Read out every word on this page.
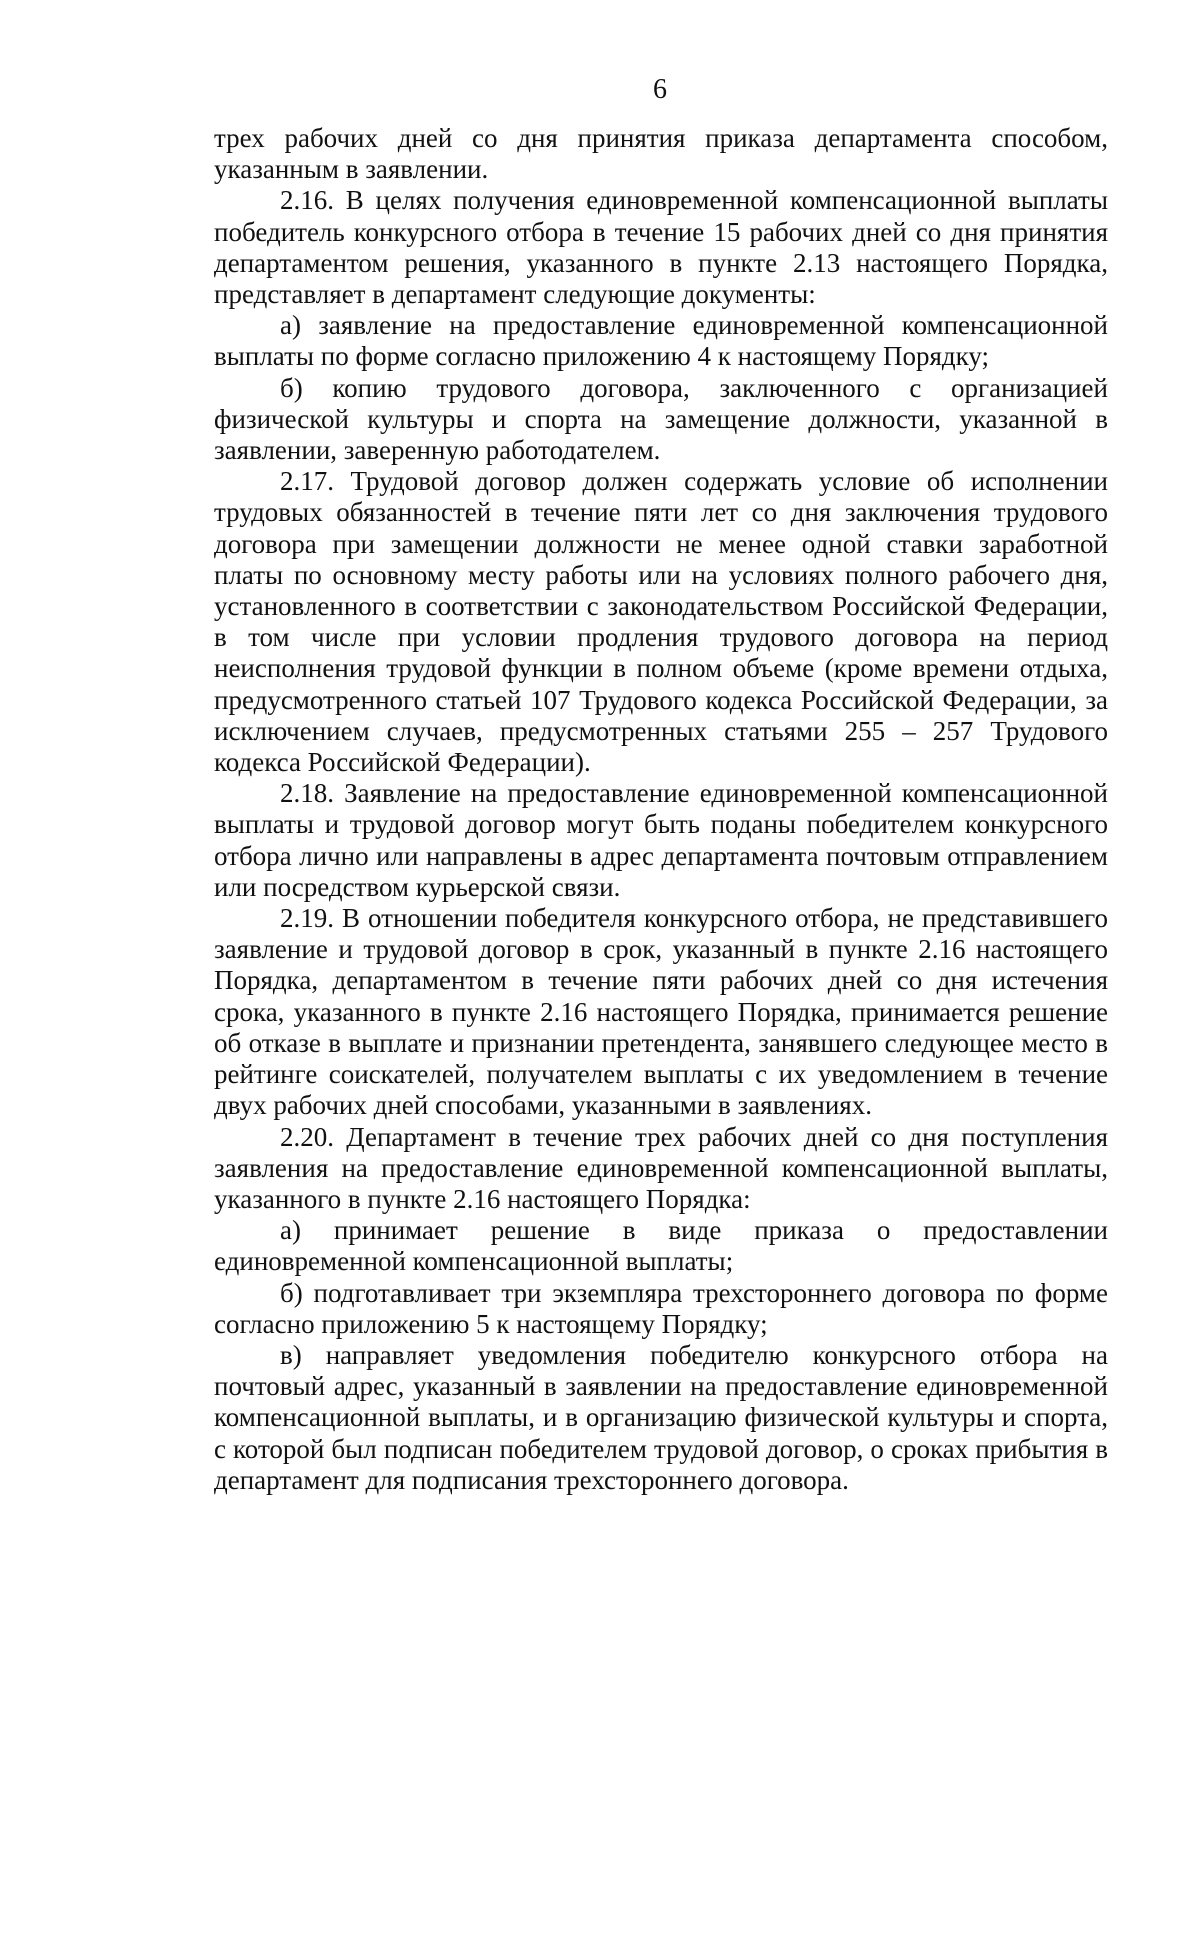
6

трех рабочих дней со дня принятия приказа департамента способом, указанным в заявлении.

2.16. В целях получения единовременной компенсационной выплаты победитель конкурсного отбора в течение 15 рабочих дней со дня принятия департаментом решения, указанного в пункте 2.13 настоящего Порядка, представляет в департамент следующие документы:

а) заявление на предоставление единовременной компенсационной выплаты по форме согласно приложению 4 к настоящему Порядку;

б) копию трудового договора, заключенного с организацией физической культуры и спорта на замещение должности, указанной в заявлении, заверенную работодателем.

2.17. Трудовой договор должен содержать условие об исполнении трудовых обязанностей в течение пяти лет со дня заключения трудового договора при замещении должности не менее одной ставки заработной платы по основному месту работы или на условиях полного рабочего дня, установленного в соответствии с законодательством Российской Федерации, в том числе при условии продления трудового договора на период неисполнения трудовой функции в полном объеме (кроме времени отдыха, предусмотренного статьей 107 Трудового кодекса Российской Федерации, за исключением случаев, предусмотренных статьями 255 – 257 Трудового кодекса Российской Федерации).

2.18. Заявление на предоставление единовременной компенсационной выплаты и трудовой договор могут быть поданы победителем конкурсного отбора лично или направлены в адрес департамента почтовым отправлением или посредством курьерской связи.

2.19. В отношении победителя конкурсного отбора, не представившего заявление и трудовой договор в срок, указанный в пункте 2.16 настоящего Порядка, департаментом в течение пяти рабочих дней со дня истечения срока, указанного в пункте 2.16 настоящего Порядка, принимается решение об отказе в выплате и признании претендента, занявшего следующее место в рейтинге соискателей, получателем выплаты с их уведомлением в течение двух рабочих дней способами, указанными в заявлениях.

2.20. Департамент в течение трех рабочих дней со дня поступления заявления на предоставление единовременной компенсационной выплаты, указанного в пункте 2.16 настоящего Порядка:

а) принимает решение в виде приказа о предоставлении единовременной компенсационной выплаты;

б) подготавливает три экземпляра трехстороннего договора по форме согласно приложению 5 к настоящему Порядку;

в) направляет уведомления победителю конкурсного отбора на почтовый адрес, указанный в заявлении на предоставление единовременной компенсационной выплаты, и в организацию физической культуры и спорта, с которой был подписан победителем трудовой договор, о сроках прибытия в департамент для подписания трехстороннего договора.
